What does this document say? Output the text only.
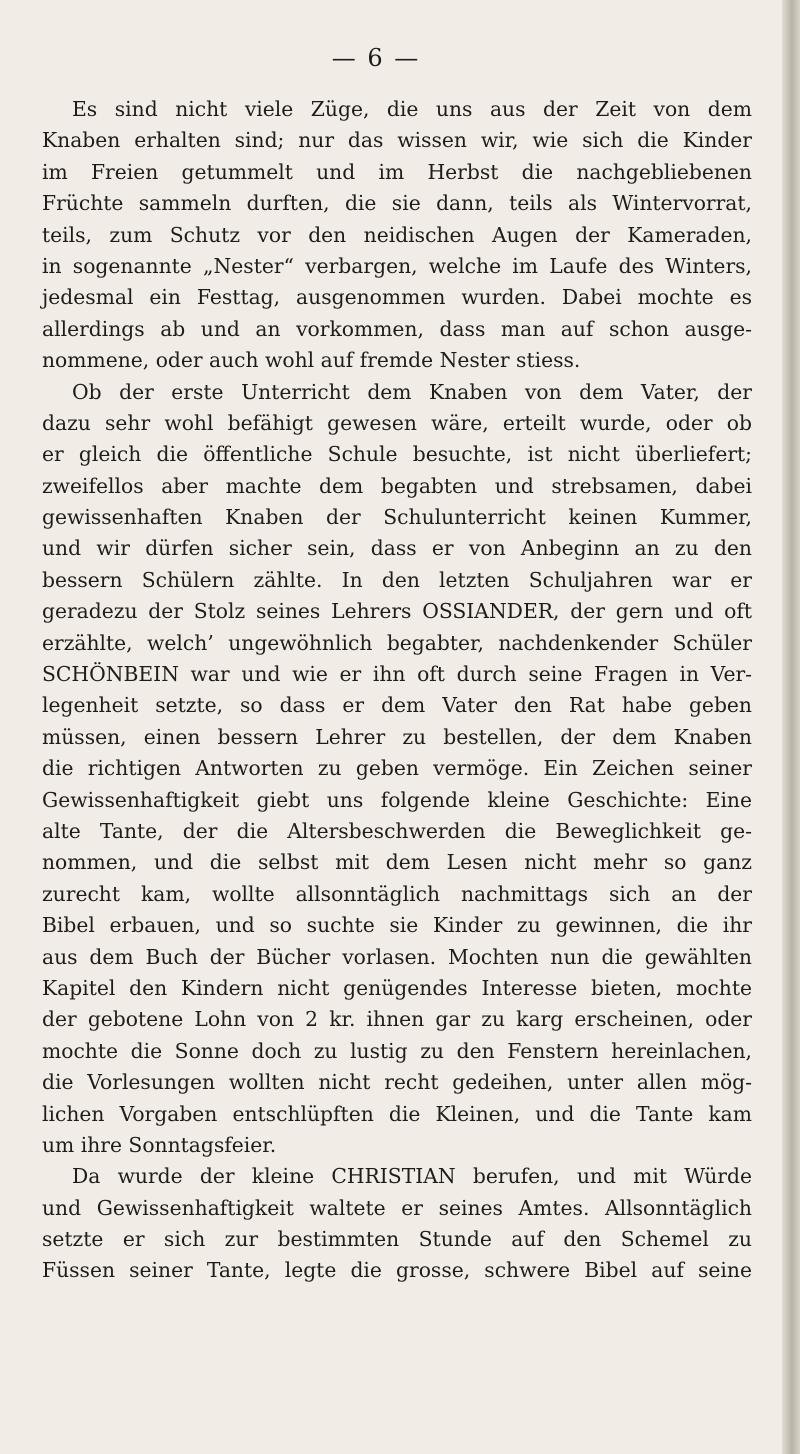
— 6 —
Es sind nicht viele Züge, die uns aus der Zeit von dem
Knaben erhalten sind; nur das wissen wir, wie sich die Kinder
im Freien getummelt und im Herbst die nachgebliebenen
Früchte sammeln durften, die sie dann, teils als Wintervorrat,
teils, zum Schutz vor den neidischen Augen der Kameraden,
in sogenannte „Nester“ verbargen, welche im Laufe des Winters,
jedesmal ein Festtag, ausgenommen wurden. Dabei mochte es
allerdings ab und an vorkommen, dass man auf schon ausge-
nommene, oder auch wohl auf fremde Nester stiess.
Ob der erste Unterricht dem Knaben von dem Vater, der
dazu sehr wohl befähigt gewesen wäre, erteilt wurde, oder ob
er gleich die öffentliche Schule besuchte, ist nicht überliefert;
zweifellos aber machte dem begabten und strebsamen, dabei
gewissenhaften Knaben der Schulunterricht keinen Kummer,
und wir dürfen sicher sein, dass er von Anbeginn an zu den
bessern Schülern zählte. In den letzten Schuljahren war er
geradezu der Stolz seines Lehrers OSSIANDER, der gern und oft
erzählte, welch’ ungewöhnlich begabter, nachdenkender Schüler
SCHÖNBEIN war und wie er ihn oft durch seine Fragen in Ver-
legenheit setzte, so dass er dem Vater den Rat habe geben
müssen, einen bessern Lehrer zu bestellen, der dem Knaben
die richtigen Antworten zu geben vermöge. Ein Zeichen seiner
Gewissenhaftigkeit giebt uns folgende kleine Geschichte: Eine
alte Tante, der die Altersbeschwerden die Beweglichkeit ge-
nommen, und die selbst mit dem Lesen nicht mehr so ganz
zurecht kam, wollte allsonntäglich nachmittags sich an der
Bibel erbauen, und so suchte sie Kinder zu gewinnen, die ihr
aus dem Buch der Bücher vorlasen. Mochten nun die gewählten
Kapitel den Kindern nicht genügendes Interesse bieten, mochte
der gebotene Lohn von 2 kr. ihnen gar zu karg erscheinen, oder
mochte die Sonne doch zu lustig zu den Fenstern hereinlachen,
die Vorlesungen wollten nicht recht gedeihen, unter allen mög-
lichen Vorgaben entschlüpften die Kleinen, und die Tante kam
um ihre Sonntagsfeier.
Da wurde der kleine CHRISTIAN berufen, und mit Würde
und Gewissenhaftigkeit waltete er seines Amtes. Allsonntäglich
setzte er sich zur bestimmten Stunde auf den Schemel zu
Füssen seiner Tante, legte die grosse, schwere Bibel auf seine
